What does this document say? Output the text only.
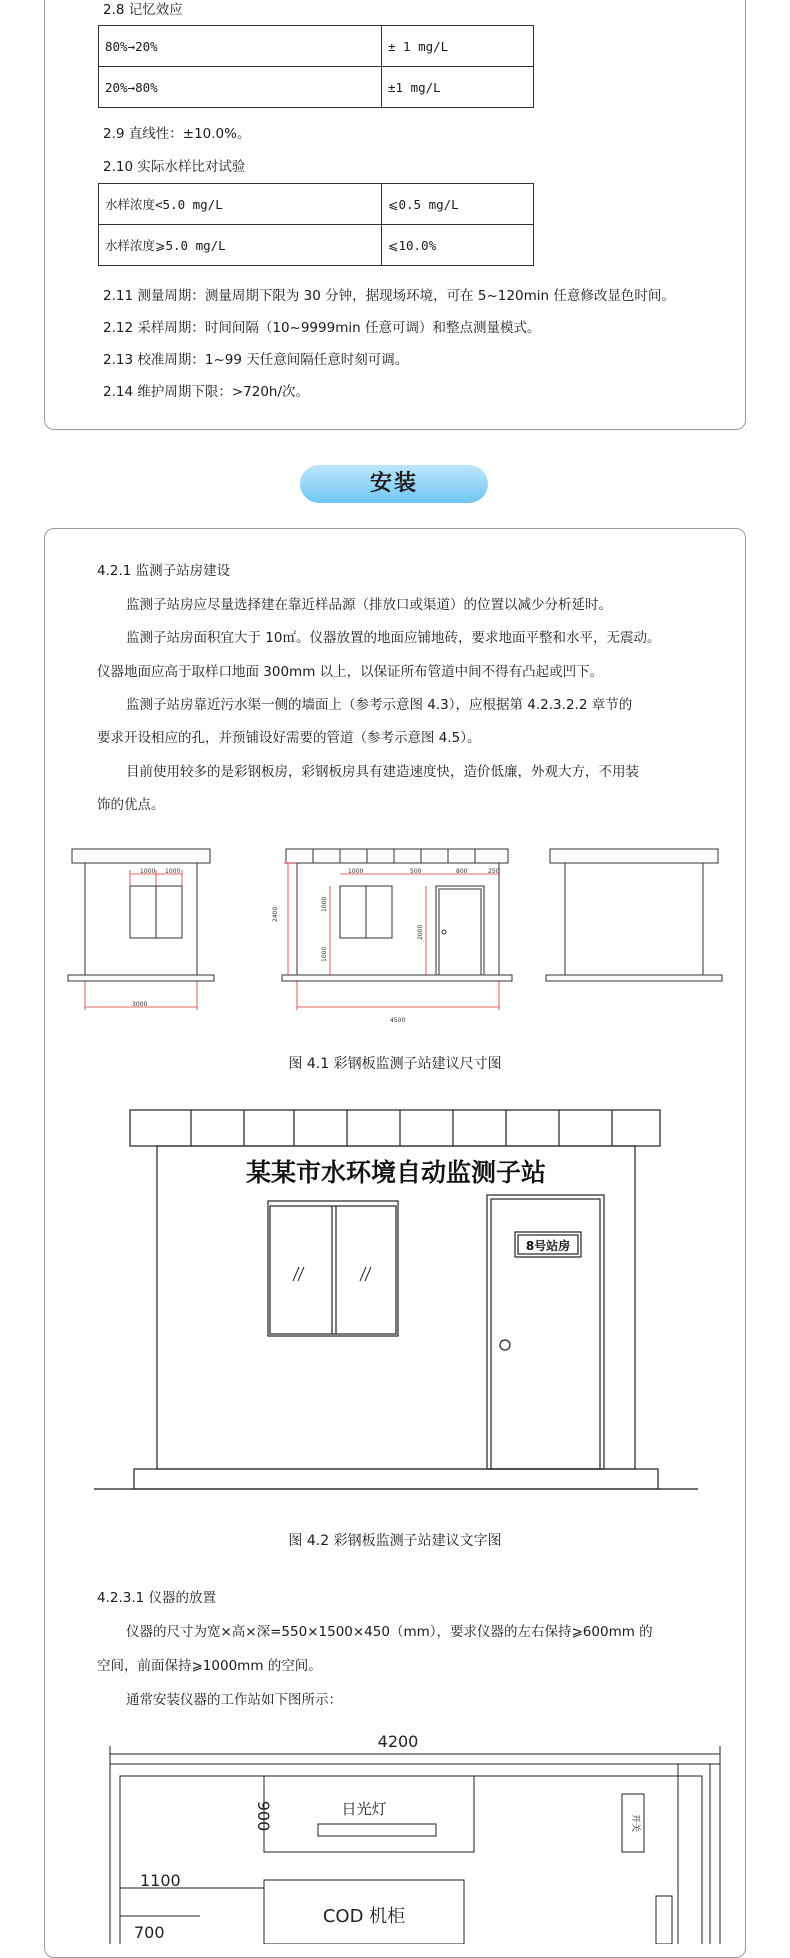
2.8 记忆效应
80%→20%	± 1 mg/L
20%→80%	±1 mg/L
2.9 直线性：±10.0%。
2.10 实际水样比对试验
水样浓度<5.0 mg/L	⩽0.5 mg/L
水样浓度⩾5.0 mg/L	⩽10.0%
2.11 测量周期：测量周期下限为 30 分钟，据现场环境，可在 5~120min 任意修改显色时间。
2.12 采样周期：时间间隔（10~9999min 任意可调）和整点测量模式。
2.13 校准周期：1~99 天任意间隔任意时刻可调。
2.14 维护周期下限：>720h/次。
安装
4.2.1 监测子站房建设
监测子站房应尽量选择建在靠近样品源（排放口或渠道）的位置以减少分析延时。
监测子站房面积宜大于 10㎡。仪器放置的地面应铺地砖，要求地面平整和水平，无震动。
仪器地面应高于取样口地面 300mm 以上，以保证所布管道中间不得有凸起或凹下。
监测子站房靠近污水渠一侧的墙面上（参考示意图 4.3），应根据第 4.2.3.2.2 章节的
要求开设相应的孔，并预铺设好需要的管道（参考示意图 4.5）。
目前使用较多的是彩钢板房，彩钢板房具有建造速度快，造价低廉，外观大方，不用装
饰的优点。
1000 1000
3000
1000	500	800	250
2400
1000
1000
2000
4500
图 4.1 彩钢板监测子站建议尺寸图
某某市水环境自动监测子站
8号站房
图 4.2 彩钢板监测子站建议文字图
4.2.3.1 仪器的放置
仪器的尺寸为宽×高×深=550×1500×450（mm），要求仪器的左右保持⩾600mm 的
空间，前面保持⩾1000mm 的空间。
通常安装仪器的工作站如下图所示：
4200
900	日光灯
COD 机柜
1100
700
开关
